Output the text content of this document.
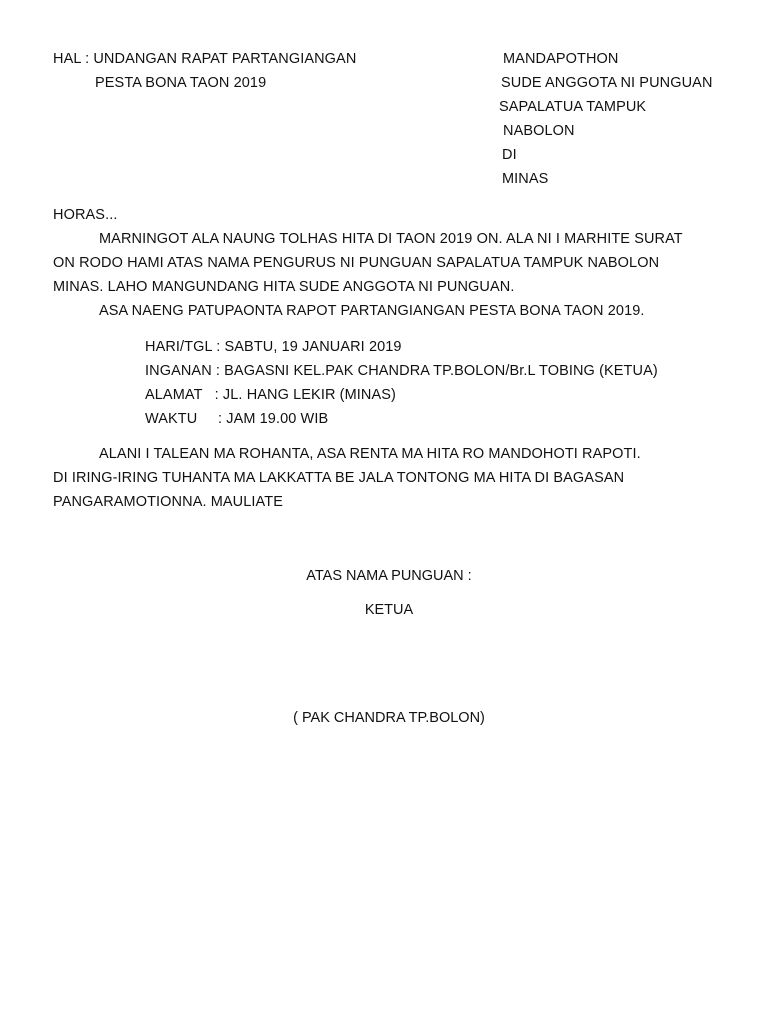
HAL : UNDANGAN RAPAT PARTANGIANGAN
PESTA BONA TAON 2019
MANDAPOTHON
SUDE ANGGOTA NI PUNGUAN
SAPALATUA TAMPUK
NABOLON
DI
MINAS
HORAS...
MARNINGOT ALA NAUNG TOLHAS HITA DI TAON 2019 ON. ALA NI I MARHITE SURAT
ON RODO HAMI ATAS NAMA PENGURUS NI PUNGUAN SAPALATUA TAMPUK NABOLON
MINAS. LAHO MANGUNDANG HITA SUDE ANGGOTA NI PUNGUAN.
ASA NAENG PATUPAONTA RAPOT PARTANGIANGAN PESTA BONA TAON 2019.
HARI/TGL : SABTU, 19 JANUARI 2019
INGANAN : BAGASNI KEL.PAK CHANDRA TP.BOLON/Br.L TOBING (KETUA)
ALAMAT   : JL. HANG LEKIR (MINAS)
WAKTU     : JAM 19.00 WIB
ALANI I TALEAN MA ROHANTA, ASA RENTA MA HITA RO MANDOHOTI RAPOTI.
DI IRING-IRING TUHANTA MA LAKKATTA BE JALA TONTONG MA HITA DI BAGASAN
PANGARAMOTIONNA. MAULIATE
ATAS NAMA PUNGUAN :
KETUA
( PAK CHANDRA TP.BOLON)
